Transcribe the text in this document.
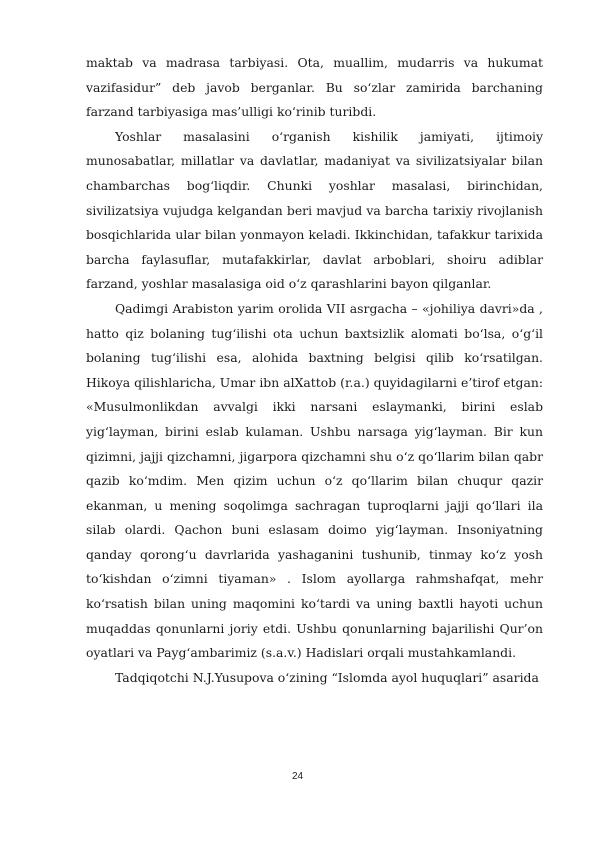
maktab va madrasa tarbiyasi. Ota, muallim, mudarris va hukumat vazifasidur” deb javob berganlar. Bu so‘zlar zamirida barchaning farzand tarbiyasiga mas’ulligi ko‘rinib turibdi.

Yoshlar masalasini o‘rganish kishilik jamiyati, ijtimoiy munosabatlar, millatlar va davlatlar, madaniyat va sivilizatsiyalar bilan chambarchas bog‘liqdir. Chunki yoshlar masalasi, birinchidan, sivilizatsiya vujudga kelgandan beri mavjud va barcha tarixiy rivojlanish bosqichlarida ular bilan yonmayon keladi. Ikkinchidan, tafakkur tarixida barcha faylasuflar, mutafakkirlar, davlat arboblari, shoiru adiblar farzand, yoshlar masalasiga oid o‘z qarashlarini bayon qilganlar.

Qadimgi Arabiston yarim orolida VII asrgacha – «johiliya davri»da , hatto qiz bolaning tug‘ilishi ota uchun baxtsizlik alomati bo‘lsa, o‘g‘il bolaning tug‘ilishi esa, alohida baxtning belgisi qilib ko‘rsatilgan. Hikoya qilishlaricha, Umar ibn alXattob (r.a.) quyidagilarni e’tirof etgan: «Musulmonlikdan avvalgi ikki narsani eslaymanki, birini eslab yig‘layman, birini eslab kulaman. Ushbu narsaga yig‘layman. Bir kun qizimni, jajji qizchamni, jigarpora qizchamni shu o‘z qo‘llarim bilan qabr qazib ko‘mdim. Men qizim uchun o‘z qo‘llarim bilan chuqur qazir ekanman, u mening soqolimga sachragan tuproqlarni jajji qo‘llari ila silab olardi. Qachon buni eslasam doimo yig‘layman. Insoniyatning qanday qorong‘u davrlarida yashaganini tushunib, tinmay ko‘z yosh to‘kishdan o‘zimni tiyaman» . Islom ayollarga rahmshafqat, mehr ko‘rsatish bilan uning maqomini ko‘tardi va uning baxtli hayoti uchun muqaddas qonunlarni joriy etdi. Ushbu qonunlarning bajarilishi Qur’on oyatlari va Payg‘ambarimiz (s.a.v.) Hadislari orqali mustahkamlandi.

Tadqiqotchi N.J.Yusupova o‘zining “Islomda ayol huquqlari” asarida

24
